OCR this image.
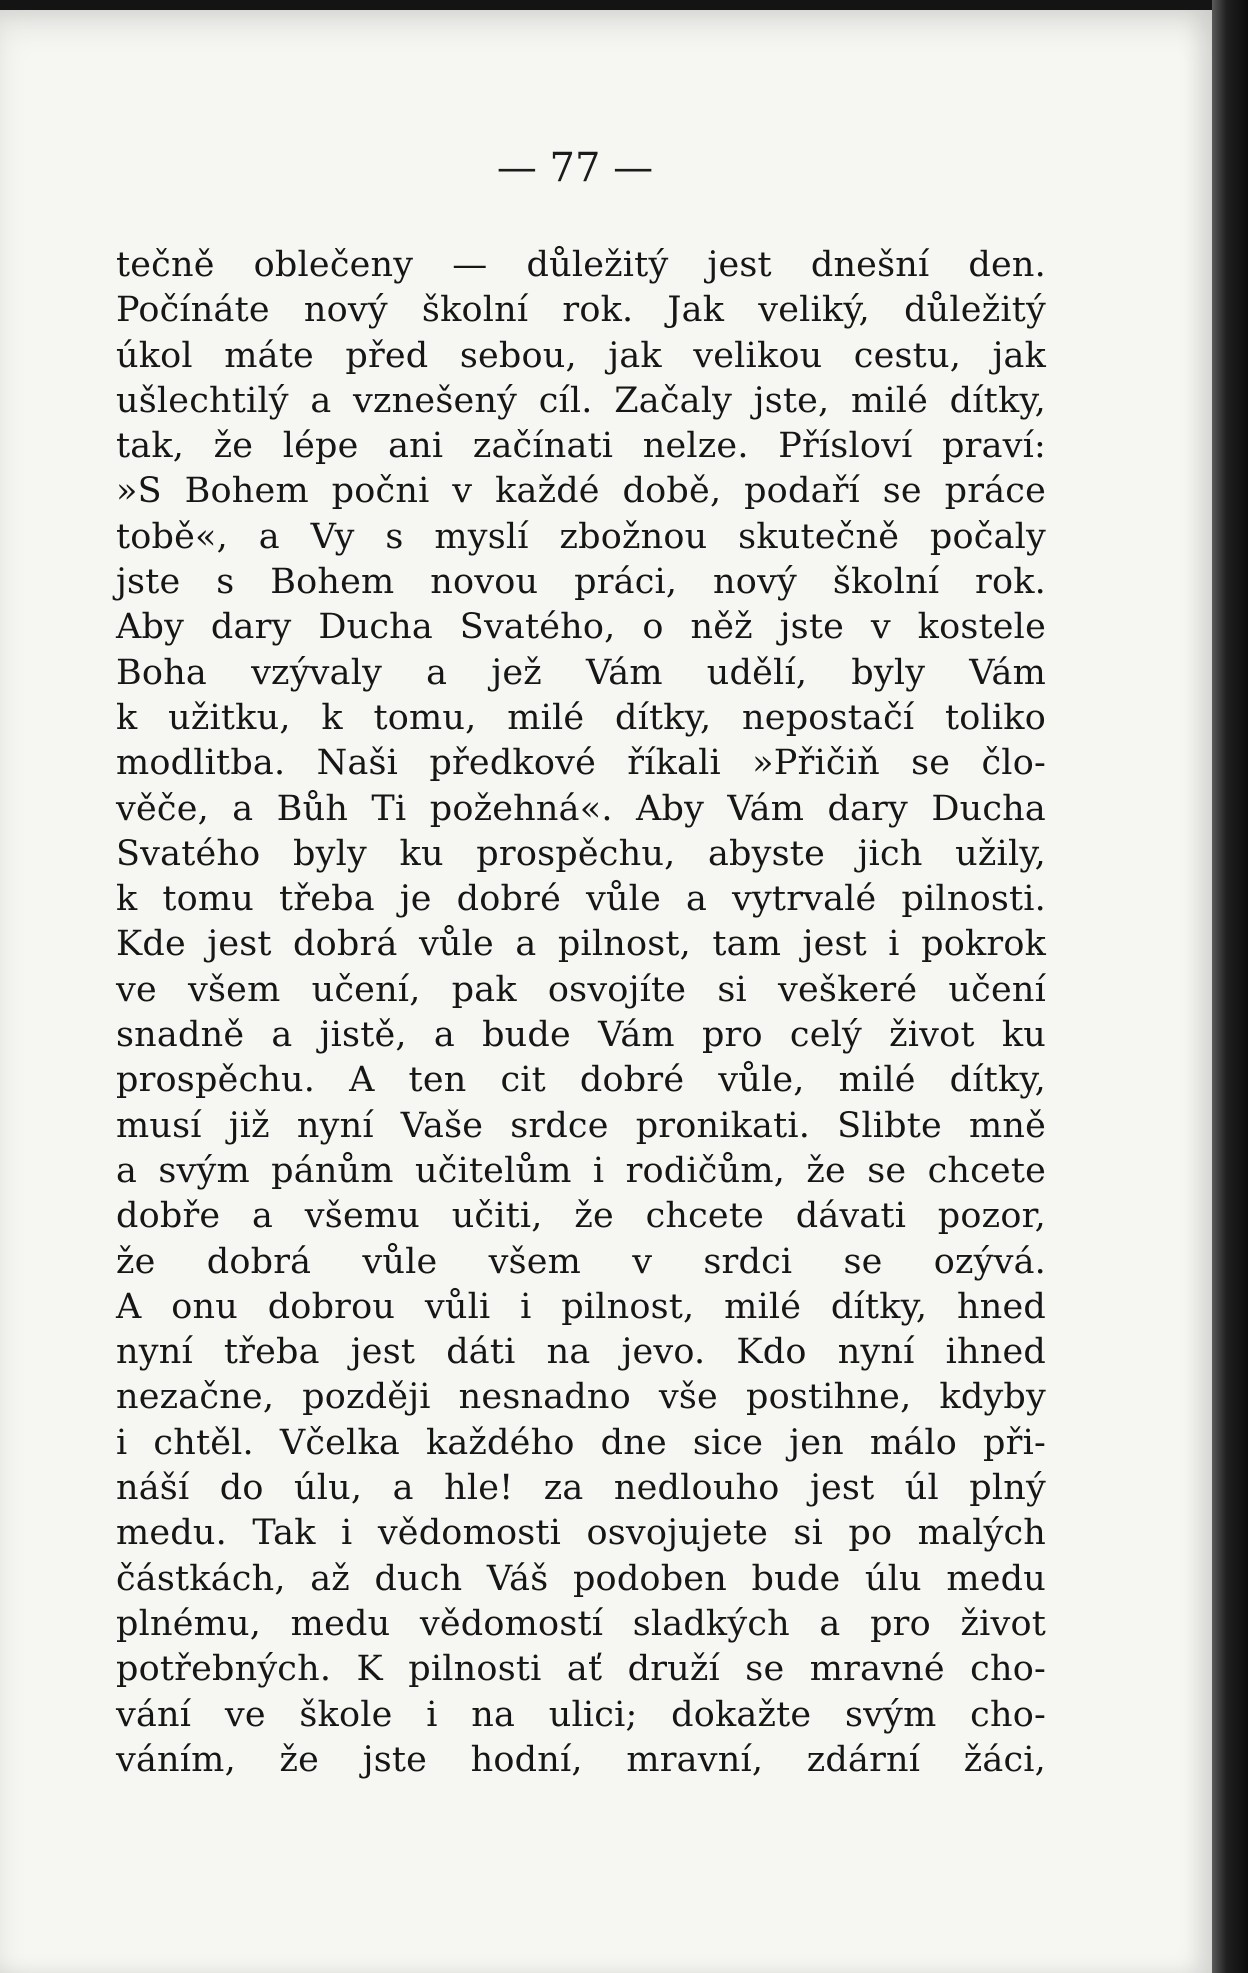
— 77 —

tečně oblečeny — důležitý jest dnešní den.
Počínáte nový školní rok. Jak veliký, důležitý
úkol máte před sebou, jak velikou cestu, jak
ušlechtilý a vznešený cíl. Začaly jste, milé dítky,
tak, že lépe ani začínati nelze. Přísloví praví:
»S Bohem počni v každé době, podaří se práce
tobě«, a Vy s myslí zbožnou skutečně počaly
jste s Bohem novou práci, nový školní rok.
Aby dary Ducha Svatého, o něž jste v kostele
Boha vzývaly a jež Vám udělí, byly Vám
k užitku, k tomu, milé dítky, nepostačí toliko
modlitba. Naši předkové říkali »Přičiň se člo-
věče, a Bůh Ti požehná«. Aby Vám dary Ducha
Svatého byly ku prospěchu, abyste jich užily,
k tomu třeba je dobré vůle a vytrvalé pilnosti.
Kde jest dobrá vůle a pilnost, tam jest i pokrok
ve všem učení, pak osvojíte si veškeré učení
snadně a jistě, a bude Vám pro celý život ku
prospěchu. A ten cit dobré vůle, milé dítky,
musí již nyní Vaše srdce pronikati. Slibte mně
a svým pánům učitelům i rodičům, že se chcete
dobře a všemu učiti, že chcete dávati pozor,
že dobrá vůle všem v srdci se ozývá.
A onu dobrou vůli i pilnost, milé dítky, hned
nyní třeba jest dáti na jevo. Kdo nyní ihned
nezačne, později nesnadno vše postihne, kdyby
i chtěl. Včelka každého dne sice jen málo při-
náší do úlu, a hle! za nedlouho jest úl plný
medu. Tak i vědomosti osvojujete si po malých
částkách, až duch Váš podoben bude úlu medu
plnému, medu vědomostí sladkých a pro život
potřebných. K pilnosti ať druží se mravné cho-
vání ve škole i na ulici; dokažte svým cho-
váním, že jste hodní, mravní, zdární žáci,
